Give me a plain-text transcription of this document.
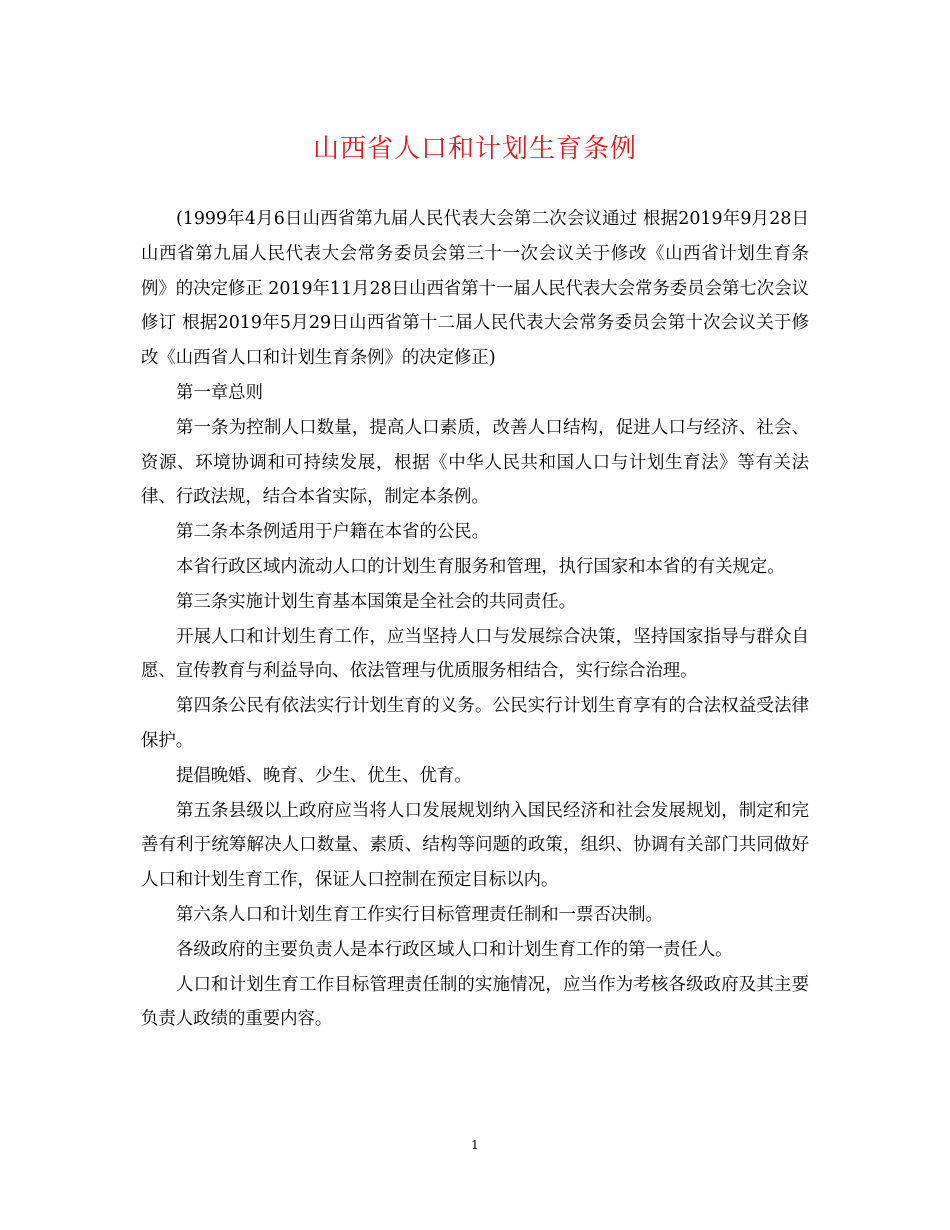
山西省人口和计划生育条例

(1999年4月6日山西省第九届人民代表大会第二次会议通过 根据2019年9月28日山西省第九届人民代表大会常务委员会第三十一次会议关于修改《山西省计划生育条例》的决定修正 2019年11月28日山西省第十一届人民代表大会常务委员会第七次会议修订 根据2019年5月29日山西省第十二届人民代表大会常务委员会第十次会议关于修改《山西省人口和计划生育条例》的决定修正)

第一章总则

第一条为控制人口数量，提高人口素质，改善人口结构，促进人口与经济、社会、资源、环境协调和可持续发展，根据《中华人民共和国人口与计划生育法》等有关法律、行政法规，结合本省实际，制定本条例。

第二条本条例适用于户籍在本省的公民。

本省行政区域内流动人口的计划生育服务和管理，执行国家和本省的有关规定。

第三条实施计划生育基本国策是全社会的共同责任。

开展人口和计划生育工作，应当坚持人口与发展综合决策，坚持国家指导与群众自愿、宣传教育与利益导向、依法管理与优质服务相结合，实行综合治理。

第四条公民有依法实行计划生育的义务。公民实行计划生育享有的合法权益受法律保护。

提倡晚婚、晚育、少生、优生、优育。

第五条县级以上政府应当将人口发展规划纳入国民经济和社会发展规划，制定和完善有利于统筹解决人口数量、素质、结构等问题的政策，组织、协调有关部门共同做好人口和计划生育工作，保证人口控制在预定目标以内。

第六条人口和计划生育工作实行目标管理责任制和一票否决制。

各级政府的主要负责人是本行政区域人口和计划生育工作的第一责任人。

人口和计划生育工作目标管理责任制的实施情况，应当作为考核各级政府及其主要负责人政绩的重要内容。

1
